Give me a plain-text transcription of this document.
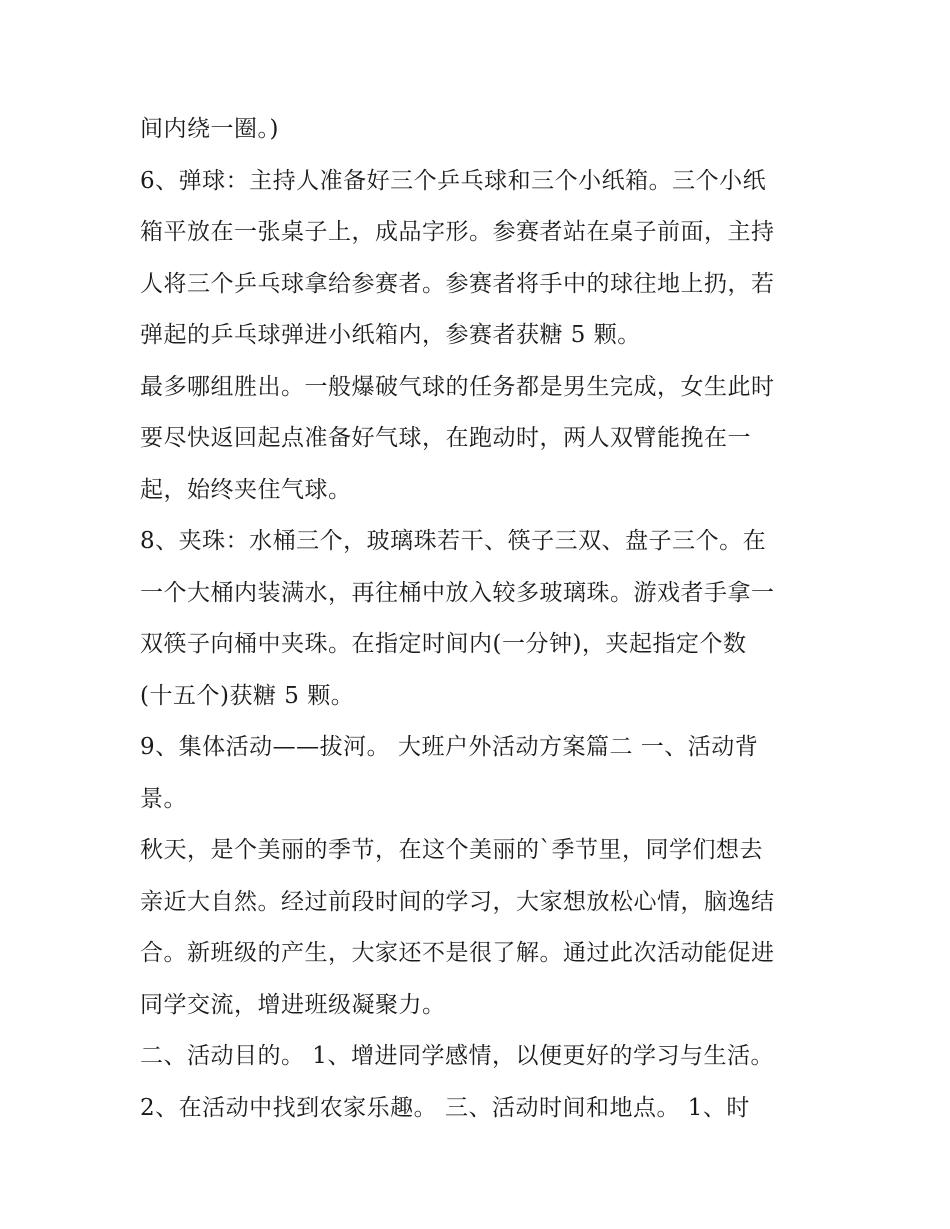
间内绕一圈。)
6、弹球：主持人准备好三个乒乓球和三个小纸箱。三个小纸
箱平放在一张桌子上，成品字形。参赛者站在桌子前面，主持
人将三个乒乓球拿给参赛者。参赛者将手中的球往地上扔，若
弹起的乒乓球弹进小纸箱内，参赛者获糖 5 颗。
最多哪组胜出。一般爆破气球的任务都是男生完成，女生此时
要尽快返回起点准备好气球，在跑动时，两人双臂能挽在一
起，始终夹住气球。
8、夹珠：水桶三个，玻璃珠若干、筷子三双、盘子三个。在
一个大桶内装满水，再往桶中放入较多玻璃珠。游戏者手拿一
双筷子向桶中夹珠。在指定时间内(一分钟)，夹起指定个数
(十五个)获糖 5 颗。
9、集体活动——拔河。 大班户外活动方案篇二 一、活动背
景。
秋天，是个美丽的季节，在这个美丽的`季节里，同学们想去
亲近大自然。经过前段时间的学习，大家想放松心情，脑逸结
合。新班级的产生，大家还不是很了解。通过此次活动能促进
同学交流，增进班级凝聚力。
二、活动目的。 1、增进同学感情，以便更好的学习与生活。
2、在活动中找到农家乐趣。 三、活动时间和地点。 1、时
